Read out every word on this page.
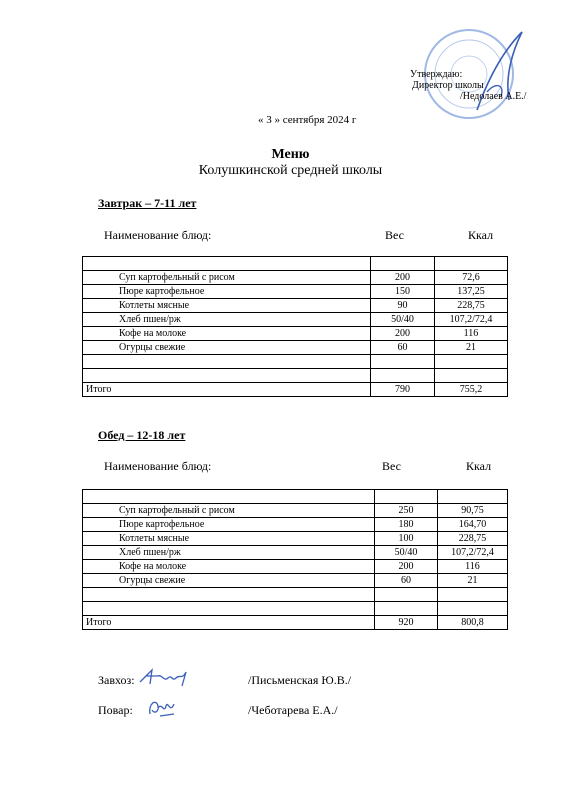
Утверждаю:
Директор школы
/Недолаев А.Е./
« 3 » сентября 2024 г
Меню
Колушкинской средней школы
Завтрак – 7-11 лет
Наименование блюд:	Вес	Ккал

Суп картофельный с рисом	200	72,6
Пюре картофельное	150	137,25
Котлеты мясные	90	228,75
Хлеб пшен/рж	50/40	107,2/72,4
Кофе на молоке	200	116
Огурцы свежие	60	21

Итого	790	755,2
Обед – 12-18 лет
Наименование блюд:	Вес	Ккал

Суп картофельный с рисом	250	90,75
Пюре картофельное	180	164,70
Котлеты мясные	100	228,75
Хлеб пшен/рж	50/40	107,2/72,4
Кофе на молоке	200	116
Огурцы свежие	60	21

Итого	920	800,8
Завхоз:	/Письменская Ю.В./
Повар:	/Чеботарева Е.А./
